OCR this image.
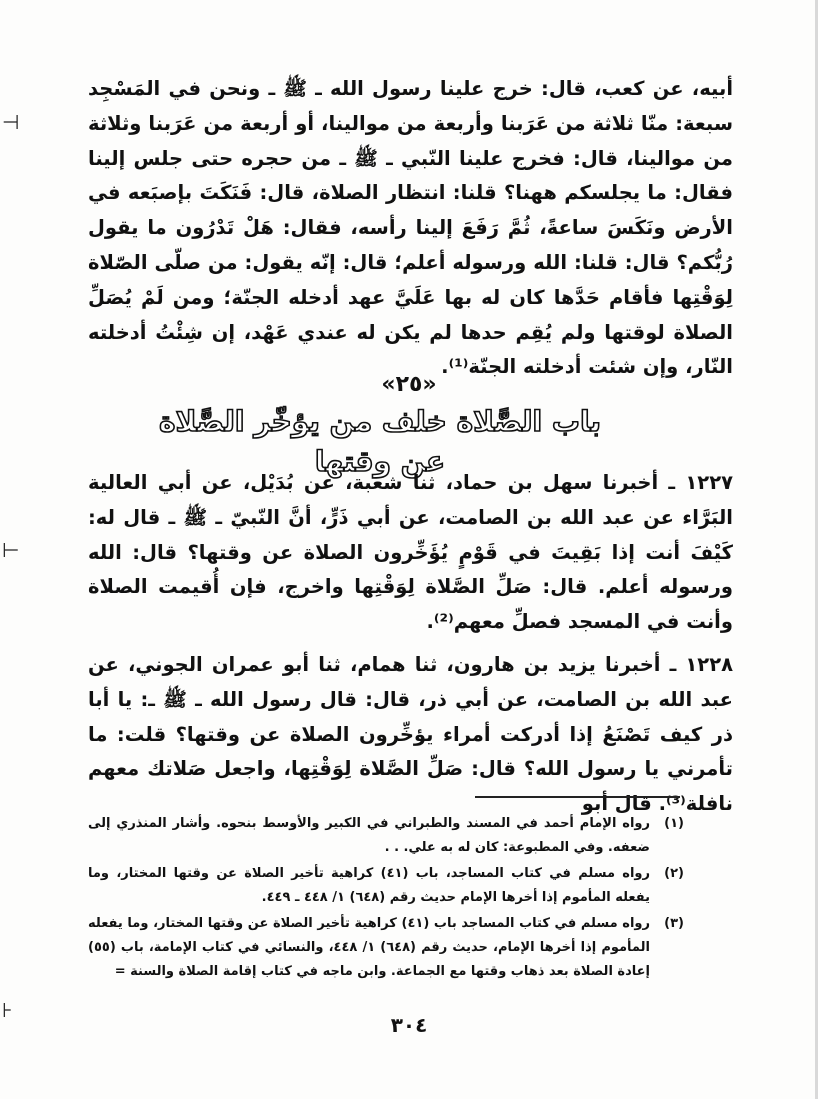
⊣
⊢
⊦

أبيه، عن كعب، قال: خرج علينا رسول الله ـ ﷺ ـ ونحن في المَسْجِد سبعة: منّا ثلاثة من عَرَبنا وأربعة من موالينا، أو أربعة من عَرَبنا وثلاثة من موالينا، قال: فخرج علينا النّبي ـ ﷺ ـ من حجره حتى جلس إلينا فقال: ما يجلسكم ههنا؟ قلنا: انتظار الصلاة، قال: فَنَكَتَ بإصبَعه في الأرض ونَكَسَ ساعةً، ثُمَّ رَفَعَ إلينا رأسه، فقال: هَلْ تَدْرُون ما يقول رُبُّكم؟ قال: قلنا: الله ورسوله أعلم؛ قال: إنّه يقول: من صلّى الصّلاة لِوَقْتِها فأقام حَدَّها كان له بها عَلَيَّ عهد أدخله الجنّة؛ ومن لَمْ يُصَلِّ الصلاة لوقتها ولم يُقِم حدها لم يكن له عندي عَهْد، إن شِئْتُ أدخلته النّار، وإن شئت أدخلته الجنّة⁽¹⁾.

«٢٥»
باب الصَّلاة خلف من يؤخّر الصَّلاة عن وقتها

١٢٢٧ ـ أخبرنا سهل بن حماد، ثنا شعبة، عن بُدَيْل، عن أبي العالية البَرَّاء عن عبد الله بن الصامت، عن أبي ذَرٍّ، أنَّ النّبيّ ـ ﷺ ـ قال له: كَيْفَ أنت إذا بَقِيتَ في قَوْمٍ يُؤَخِّرون الصلاة عن وقتها؟ قال: الله ورسوله أعلم. قال: صَلِّ الصَّلاة لِوَقْتِها واخرج، فإن أُقيمت الصلاة وأنت في المسجد فصلِّ معهم⁽²⁾.

١٢٢٨ ـ أخبرنا يزيد بن هارون، ثنا همام، ثنا أبو عمران الجوني، عن عبد الله بن الصامت، عن أبي ذر، قال: قال رسول الله ـ ﷺ ـ: يا أبا ذر كيف تَصْنَعُ إذا أدركت أمراء يؤخِّرون الصلاة عن وقتها؟ قلت: ما تأمرني يا رسول الله؟ قال: صَلِّ الصَّلاة لِوَقْتِها، واجعل صَلاتك معهم نافلة⁽³⁾. قال أبو

(١)
رواه الإمام أحمد في المسند والطبراني في الكبير والأوسط بنحوه. وأشار المنذري إلى ضعفه. وفي المطبوعة: كان له به علي. . .
(٢)
رواه مسلم في كتاب المساجد، باب (٤١) كراهية تأخير الصلاة عن وقتها المختار، وما يفعله المأموم إذا أخرها الإمام حديث رقم (٦٤٨) ١/ ٤٤٨ ـ ٤٤٩.
(٣)
رواه مسلم في كتاب المساجد باب (٤١) كراهية تأخير الصلاة عن وقتها المختار، وما يفعله المأموم إذا أخرها الإمام، حديث رقم (٦٤٨) ١/ ٤٤٨، والنسائي في كتاب الإمامة، باب (٥٥) إعادة الصلاة بعد ذهاب وقتها مع الجماعة. وابن ماجه في كتاب إقامة الصلاة والسنة =
٣٠٤
